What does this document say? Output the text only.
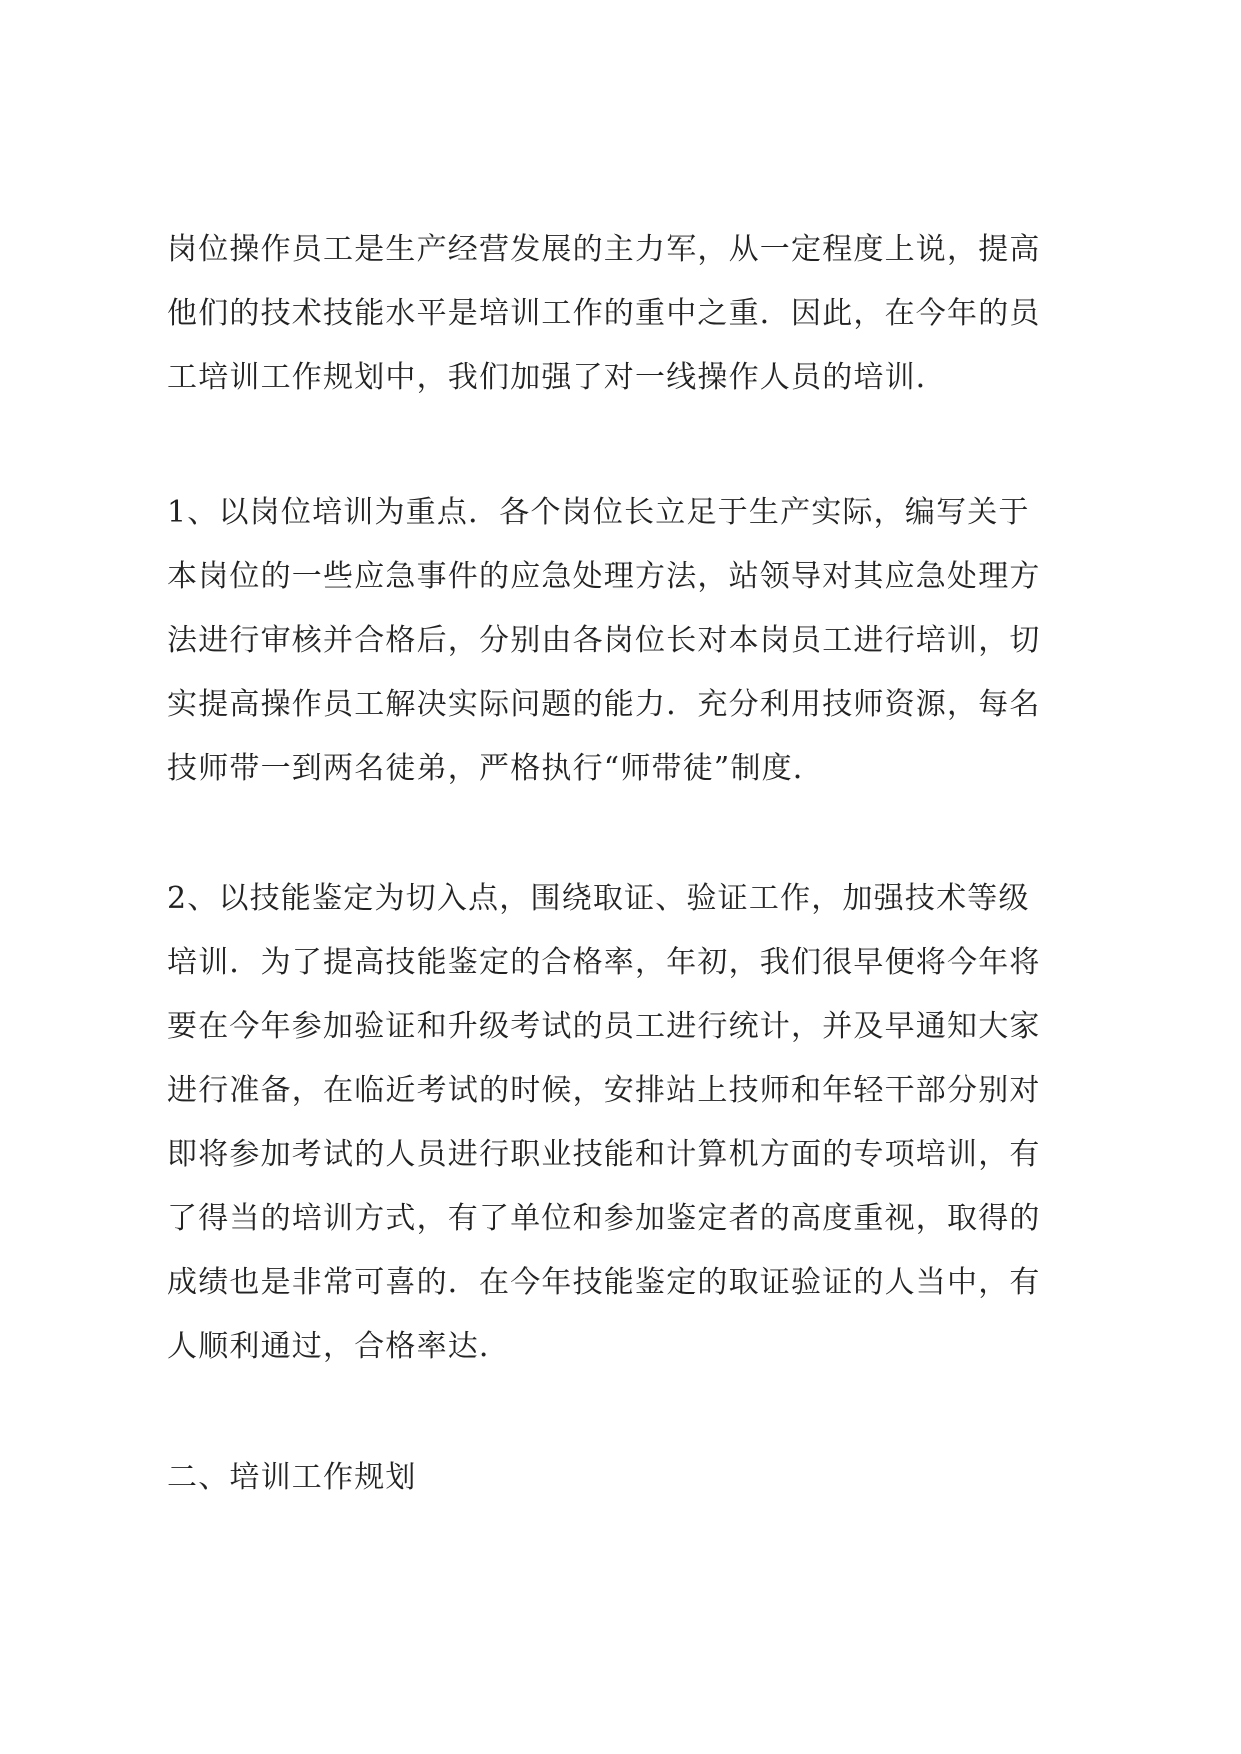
岗位操作员工是生产经营发展的主力军，从一定程度上说，提高
他们的技术技能水平是培训工作的重中之重．因此，在今年的员
工培训工作规划中，我们加强了对一线操作人员的培训．

1、以岗位培训为重点．各个岗位长立足于生产实际，编写关于
本岗位的一些应急事件的应急处理方法，站领导对其应急处理方
法进行审核并合格后，分别由各岗位长对本岗员工进行培训，切
实提高操作员工解决实际问题的能力．充分利用技师资源，每名
技师带一到两名徒弟，严格执行“师带徒”制度．

2、以技能鉴定为切入点，围绕取证、验证工作，加强技术等级
培训．为了提高技能鉴定的合格率，年初，我们很早便将今年将
要在今年参加验证和升级考试的员工进行统计，并及早通知大家
进行准备，在临近考试的时候，安排站上技师和年轻干部分别对
即将参加考试的人员进行职业技能和计算机方面的专项培训，有
了得当的培训方式，有了单位和参加鉴定者的高度重视，取得的
成绩也是非常可喜的．在今年技能鉴定的取证验证的人当中，有
人顺利通过，合格率达．

二、培训工作规划
